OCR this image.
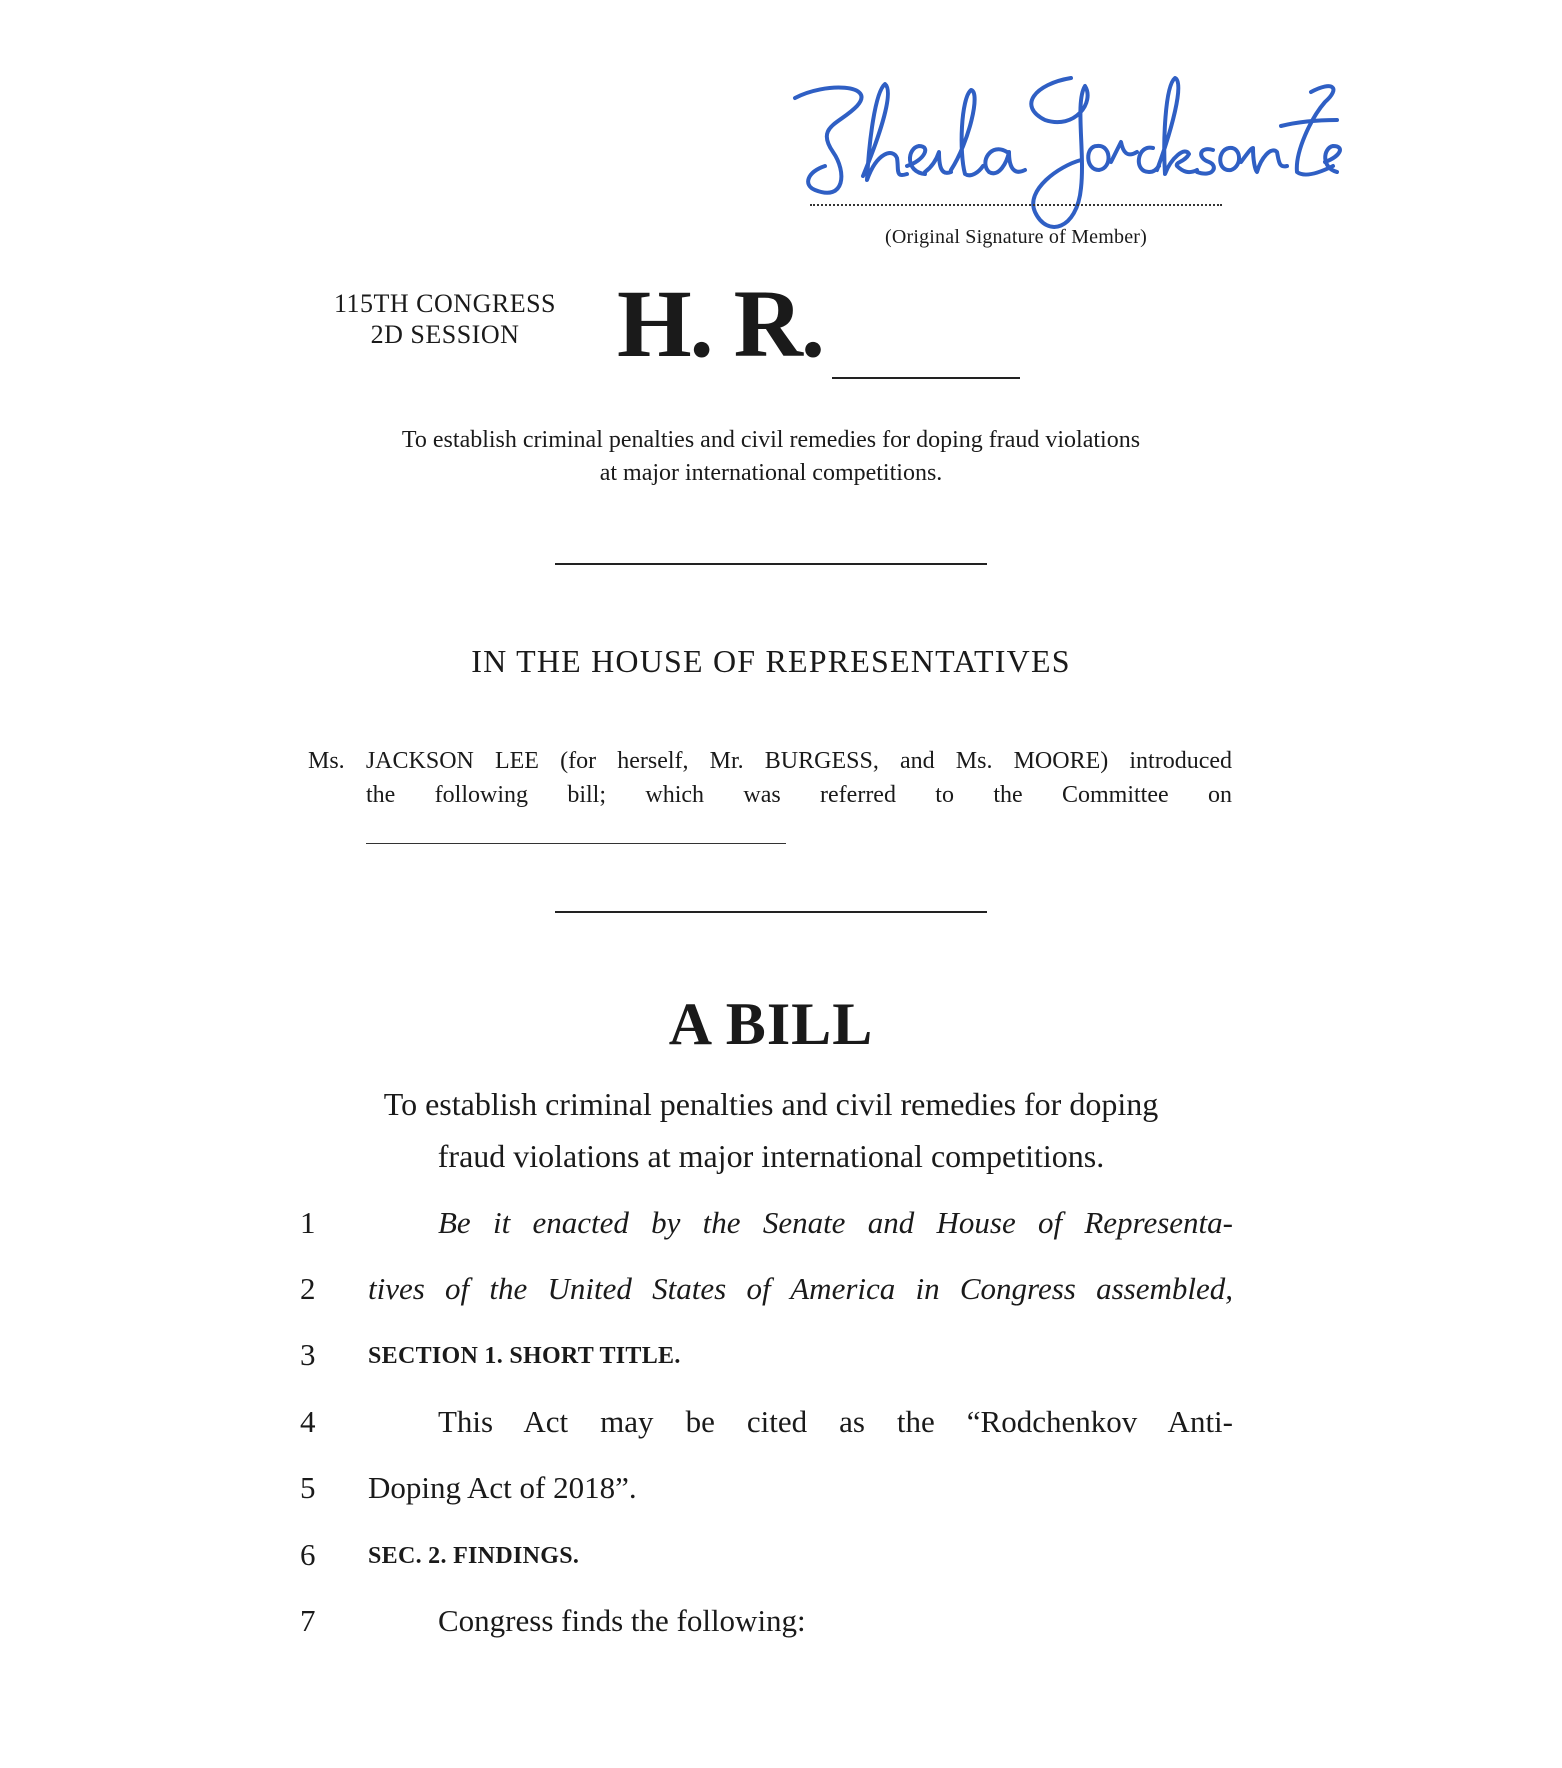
(Original Signature of Member)
115TH CONGRESS
2D SESSION	H. R.
To establish criminal penalties and civil remedies for doping fraud violations
at major international competitions.
IN THE HOUSE OF REPRESENTATIVES
Ms. JACKSON LEE (for herself, Mr. BURGESS, and Ms. MOORE) introduced
the following bill; which was referred to the Committee on
A BILL
To establish criminal penalties and civil remedies for doping
fraud violations at major international competitions.
1	Be it enacted by the Senate and House of Representa-
2	tives of the United States of America in Congress assembled,
3	SECTION 1. SHORT TITLE.
4	This Act may be cited as the “Rodchenkov Anti-
5	Doping Act of 2018”.
6	SEC. 2. FINDINGS.
7	Congress finds the following:
